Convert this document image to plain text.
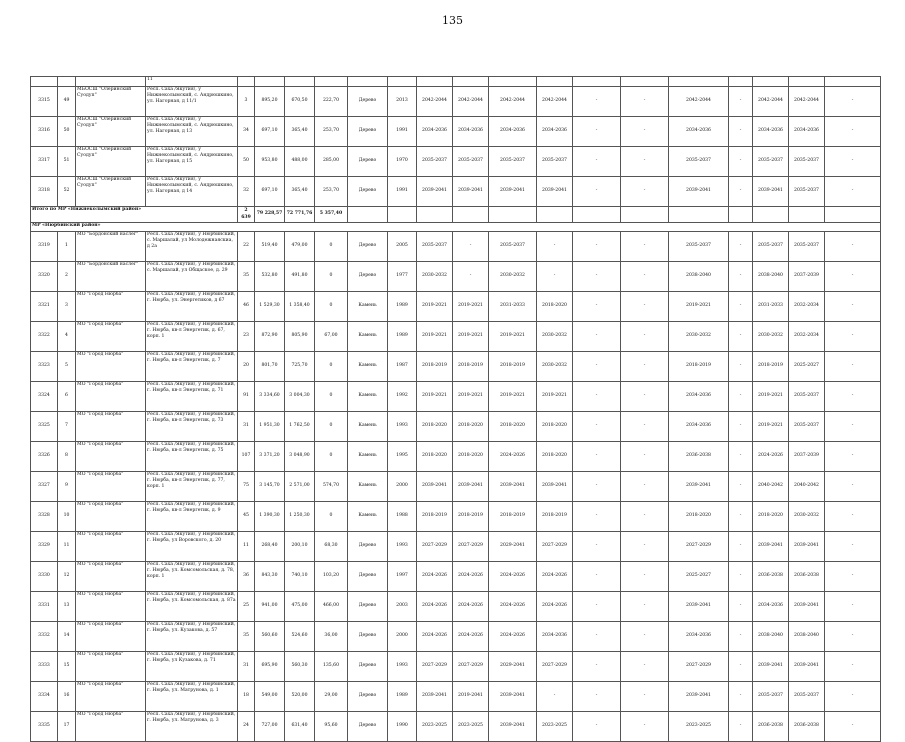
135
			11																	
3315	49	МБОСШ "Олеринский Суодуп"	Респ. Саха /Якутия/, у Нижнеколымский, с. Андрюшкино, ул. Нагорная, д 11/1	3	895,20	670,50	222,70	Дерево	2013	2042-2044	2042-2044	2042-2044	2042-2044	-	-	2042-2044	-	2042-2044	2042-2044	-
3316	50	МБОСШ "Олеринский Суодуп"	Респ. Саха /Якутия/, у Нижнеколымский, с. Андрюшкино, ул. Нагорная, д 13	34	697,10	365,40	253,70	Дерево	1991	2034-2036	2034-2036	2034-2036	2034-2036	-	-	2034-2036	-	2034-2036	2034-2036	-
3317	51	МБОСШ "Олеринский Суодуп"	Респ. Саха /Якутия/, у Нижнеколымский, с. Андрюшкино, ул. Нагорная, д 15	50	953,80	488,00	285,00	Дерево	1970	2035-2037	2035-2037	2035-2037	2035-2037	-	-	2035-2037	-	2035-2037	2035-2037	-
3318	52	МБОСШ "Олеринский Суодуп"	Респ. Саха /Якутия/, у Нижнеколымский, с. Андрюшкино, ул. Нагорная, д 14	32	697,10	365,40	253,70	Дерево	1991	2039-2041	2039-2041	2039-2041	2039-2041	-	-	2039-2041	-	2039-2041	2035-2037	-
Итого по МР «Нижнеколымский район»				2 639	79 228,57	72 771,76	5 357,40													
МР «Нюрбинский район»																				
3319	1	МО "Бордонский наслег"	Респ. Саха /Якутия/, у Нюрбинский, с. Маршалай, ул Молодежнаяскиа, д 2а	22	519,40	479,00	0	Дерево	2005	2035-2037	-	2035-2037	-	-	-	2035-2037	-	2035-2037	2035-2037	-
3320	2	МО "Бордонский наслег"	Респ. Саха /Якутия/, у Нюрбинский, с. Маршалай, ул Общаское, д. 29	35	532,80	491,80	0	Дерево	1977	2030-2032	-	2030-2032	-	-	-	2038-2040	-	2038-2040	2037-2039	-
3321	3	МО "Город Нюрба"	Респ. Саха /Якутия/, у Нюрбинский, г. Нюрба, ул. Энергетиков, д 67	46	1 529,30	1 358,40	0	Камень	1989	2019-2021	2019-2021	2031-2033	2018-2020	-	-	2019-2021	-	2031-2033	2032-2034	-
3322	4	МО "Город Нюрба"	Респ. Саха /Якутия/, у Нюрбинский, г. Нюрба, кв-л Энергетик, д. 67, корп. 1	23	872,90	805,90	67,00	Камень	1989	2019-2021	2019-2021	2019-2021	2030-2032	-	-	2030-2032	-	2030-2032	2032-2034	-
3323	5	МО "Город Нюрба"	Респ. Саха /Якутия/, у Нюрбинский, г. Нюрба, кв-л Энергетик, д. 7	20	801,70	725,70	0	Камень	1987	2018-2019	2018-2019	2018-2019	2030-2032	-	-	2018-2019	-	2018-2019	2025-2027	-
3324	6	МО "Город Нюрба"	Респ. Саха /Якутия/, у Нюрбинский, г. Нюрба, кв-л Энергетик, д. 71	91	3 334,60	3 004,30	0	Камень	1992	2019-2021	2019-2021	2019-2021	2019-2021	-	-	2034-2036	-	2019-2021	2035-2037	-
3325	7	МО "Город Нюрба"	Респ. Саха /Якутия/, у Нюрбинский, г. Нюрба, кв-л Энергетик, д. 73	31	1 951,30	1 762,50	0	Камень	1993	2018-2020	2018-2020	2018-2020	2018-2020	-	-	2034-2036	-	2019-2021	2035-2037	-
3326	8	МО "Город Нюрба"	Респ. Саха /Якутия/, у Нюрбинский, г. Нюрба, кв-л Энергетик, д. 75	107	3 371,20	3 048,90	0	Камень	1995	2018-2020	2018-2020	2024-2026	2018-2020	-	-	2036-2038	-	2024-2026	2037-2039	-
3327	9	МО "Город Нюрба"	Респ. Саха /Якутия/, у Нюрбинский, г. Нюрба, кв-л Энергетик, д. 77, корп. 1	75	3 145,70	2 571,00	574,70	Камень	2000	2039-2041	2039-2041	2039-2041	2039-2041	-	-	2039-2041	-	2040-2042	2040-2042	-
3328	10	МО "Город Нюрба"	Респ. Саха /Якутия/, у Нюрбинский, г. Нюрба, кв-л Энергетик, д. 9	45	1 390,30	1 250,30	0	Камень	1988	2018-2019	2018-2019	2018-2019	2018-2019	-	-	2018-2020	-	2018-2020	2030-2032	-
3329	11	МО "Город Нюрба"	Респ. Саха /Якутия/, у Нюрбинский, г. Нюрба, ул Воровского, д. 20	11	268,40	200,10	68,30	Дерево	1993	2027-2029	2027-2029	2029-2041	2027-2029	-	-	2027-2029	-	2039-2041	2039-2041	-
3330	12	МО "Город Нюрба"	Респ. Саха /Якутия/, у Нюрбинский, г. Нюрба, ул. Комсомольская, д. 78, корп. 1	36	843,30	740,10	103,20	Дерево	1997	2024-2026	2024-2026	2024-2026	2024-2026	-	-	2025-2027	-	2036-2038	2036-2038	-
3331	13	МО "Город Нюрба"	Респ. Саха /Якутия/, у Нюрбинский, г. Нюрба, ул. Комсомольская, д. 87а	25	941,00	475,00	466,00	Дерево	2003	2024-2026	2024-2026	2024-2026	2024-2026	-	-	2039-2041	-	2034-2036	2039-2041	-
3332	14	МО "Город Нюрба"	Респ. Саха /Якутия/, у Нюрбинский, г. Нюрба, ул. Кузакова, д. 57	35	560,60	524,60	36,00	Дерево	2000	2024-2026	2024-2026	2024-2026	2034-2036	-	-	2034-2036	-	2038-2040	2038-2040	-
3333	15	МО "Город Нюрба"	Респ. Саха /Якутия/, у Нюрбинский, г. Нюрба, ул Кузакова, д. 71	31	695,90	560,30	135,60	Дерево	1993	2027-2029	2027-2029	2029-2041	2027-2029	-	-	2027-2029	-	2039-2041	2039-2041	-
3334	16	МО "Город Нюрба"	Респ. Саха /Якутия/, у Нюрбинский, г. Нюрба, ул. Матрунова, д. 1	18	549,00	520,00	29,00	Дерево	1989	2039-2041	2019-2041	2039-2041	-	-	-	2039-2041	-	2035-2037	2035-2037	-
3335	17	МО "Город Нюрба"	Респ. Саха /Якутия/, у Нюрбинский, г. Нюрба, ул. Матрунова, д. 3	24	727,00	631,40	95,60	Дерево	1990	2023-2025	2023-2025	2039-2041	2023-2025	-	-	2023-2025	-	2036-2038	2036-2038	-
